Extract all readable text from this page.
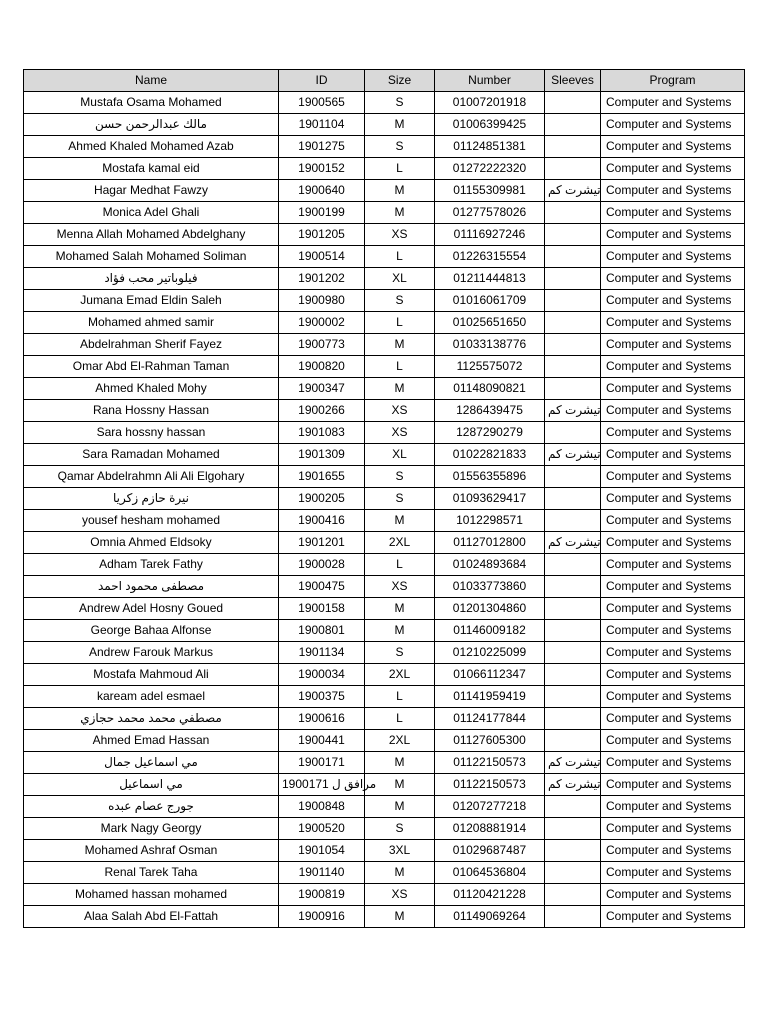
Name	ID	Size	Number	Sleeves	Program
Mustafa Osama Mohamed	1900565	S	01007201918		Computer and Systems
مالك عبدالرحمن حسن	1901104	M	01006399425		Computer and Systems
Ahmed Khaled Mohamed Azab	1901275	S	01124851381		Computer and Systems
Mostafa kamal eid	1900152	L	01272222320		Computer and Systems
Hagar Medhat Fawzy	1900640	M	01155309981	تيشرت كم	Computer and Systems
Monica Adel Ghali	1900199	M	01277578026		Computer and Systems
Menna Allah Mohamed Abdelghany	1901205	XS	01116927246		Computer and Systems
Mohamed Salah Mohamed Soliman	1900514	L	01226315554		Computer and Systems
فيلوباتير محب فؤاد	1901202	XL	01211444813		Computer and Systems
Jumana Emad Eldin Saleh	1900980	S	01016061709		Computer and Systems
Mohamed ahmed samir	1900002	L	01025651650		Computer and Systems
Abdelrahman Sherif Fayez	1900773	M	01033138776		Computer and Systems
Omar Abd El-Rahman Taman	1900820	L	1125575072		Computer and Systems
Ahmed Khaled Mohy	1900347	M	01148090821		Computer and Systems
Rana Hossny Hassan	1900266	XS	1286439475	تيشرت كم	Computer and Systems
Sara hossny hassan	1901083	XS	1287290279		Computer and Systems
Sara Ramadan Mohamed	1901309	XL	01022821833	تيشرت كم	Computer and Systems
Qamar Abdelrahmn Ali Ali Elgohary	1901655	S	01556355896		Computer and Systems
نيرة حازم زكريا	1900205	S	01093629417		Computer and Systems
yousef hesham mohamed	1900416	M	1012298571		Computer and Systems
Omnia Ahmed Eldsoky	1901201	2XL	01127012800	تيشرت كم	Computer and Systems
Adham Tarek Fathy	1900028	L	01024893684		Computer and Systems
مصطفى محمود احمد	1900475	XS	01033773860		Computer and Systems
Andrew Adel Hosny Goued	1900158	M	01201304860		Computer and Systems
George Bahaa Alfonse	1900801	M	01146009182		Computer and Systems
Andrew Farouk Markus	1901134	S	01210225099		Computer and Systems
Mostafa Mahmoud Ali	1900034	2XL	01066112347		Computer and Systems
kaream adel esmael	1900375	L	01141959419		Computer and Systems
مصطفي محمد محمد حجازي	1900616	L	01124177844		Computer and Systems
Ahmed Emad Hassan	1900441	2XL	01127605300		Computer and Systems
مي اسماعيل جمال	1900171	M	01122150573	تيشرت كم	Computer and Systems
مي اسماعيل	مرافق ل 1900171	M	01122150573	تيشرت كم	Computer and Systems
جورج عصام عبده	1900848	M	01207277218		Computer and Systems
Mark Nagy Georgy	1900520	S	01208881914		Computer and Systems
Mohamed Ashraf Osman	1901054	3XL	01029687487		Computer and Systems
Renal Tarek Taha	1901140	M	01064536804		Computer and Systems
Mohamed hassan mohamed	1900819	XS	01120421228		Computer and Systems
Alaa Salah Abd El-Fattah	1900916	M	01149069264		Computer and Systems
